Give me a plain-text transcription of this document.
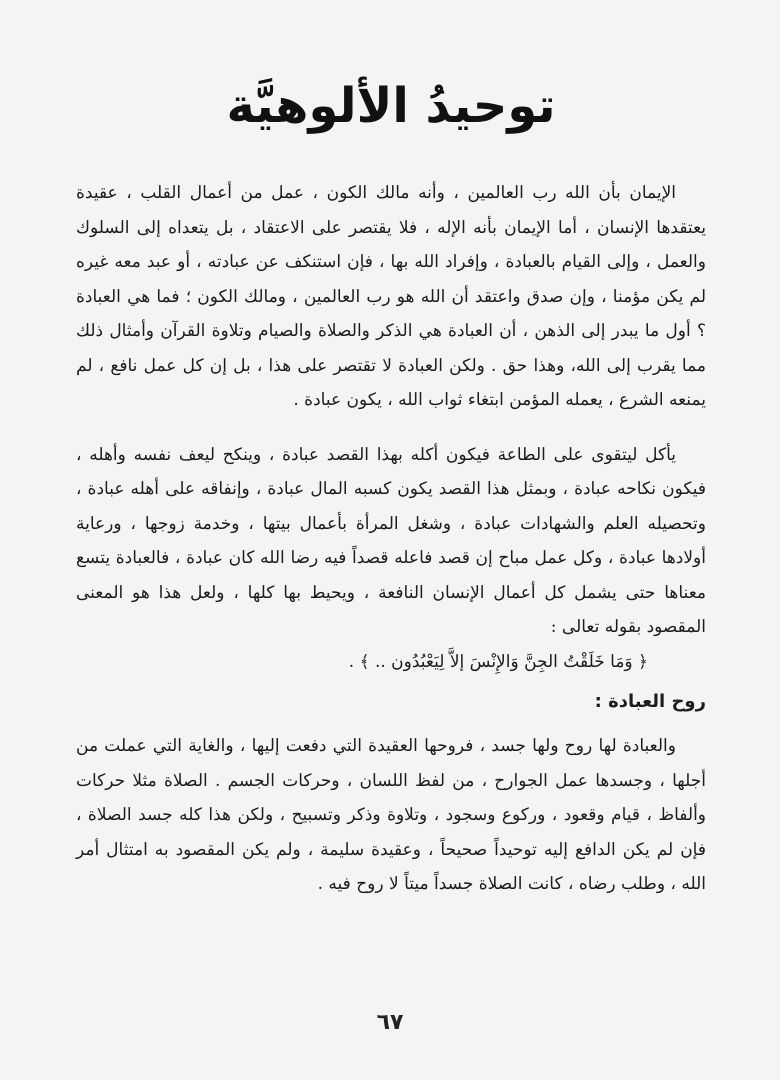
توحيدُ الألوهيَّة

الإيمان بأن الله رب العالمين ، وأنه مالك الكون ، عمل من أعمال القلب ، عقيدة يعتقدها الإنسان ، أما الإيمان بأنه الإله ، فلا يقتصر على الاعتقاد ، بل يتعداه إلى السلوك والعمل ، وإلى القيام بالعبادة ، وإفراد الله بها ، فإن استنكف عن عبادته ، أو عبد معه غيره لم يكن مؤمنا ، وإن صدق واعتقد أن الله هو رب العالمين ، ومالك الكون ؛ فما هي العبادة ؟ أول ما يبدر إلى الذهن ، أن العبادة هي الذكر والصلاة والصيام وتلاوة القرآن وأمثال ذلك مما يقرب إلى الله، وهذا حق . ولكن العبادة لا تقتصر على هذا ، بل إن كل عمل نافع ، لم يمنعه الشرع ، يعمله المؤمن ابتغاء ثواب الله ، يكون عبادة .

يأكل ليتقوى على الطاعة فيكون أكله بهذا القصد عبادة ، وينكح ليعف نفسه وأهله ، فيكون نكاحه عبادة ، وبمثل هذا القصد يكون كسبه المال عبادة ، وإنفاقه على أهله عبادة ، وتحصيله العلم والشهادات عبادة ، وشغل المرأة بأعمال بيتها ، وخدمة زوجها ، ورعاية أولادها عبادة ، وكل عمل مباح إن قصد فاعله قصداً فيه رضا الله كان عبادة ، فالعبادة يتسع معناها حتى يشمل كل أعمال الإنسان النافعة ، ويحيط بها كلها ، ولعل هذا هو المعنى المقصود بقوله تعالى :

﴿ وَمَا خَلَقْتُ الجِنَّ وَالإِنْسَ إلاَّ لِيَعْبُدُون .. ﴾ .

روح العبادة :

والعبادة لها روح ولها جسد ، فروحها العقيدة التي دفعت إليها ، والغاية التي عملت من أجلها ، وجسدها عمل الجوارح ، من لفظ اللسان ، وحركات الجسم . الصلاة مثلا حركات وألفاظ ، قيام وقعود ، وركوع وسجود ، وتلاوة وذكر وتسبيح ، ولكن هذا كله جسد الصلاة ، فإن لم يكن الدافع إليه توحيداً صحيحاً ، وعقيدة سليمة ، ولم يكن المقصود به امتثال أمر الله ، وطلب رضاه ، كانت الصلاة جسداً ميتاً لا روح فيه .

٦٧
